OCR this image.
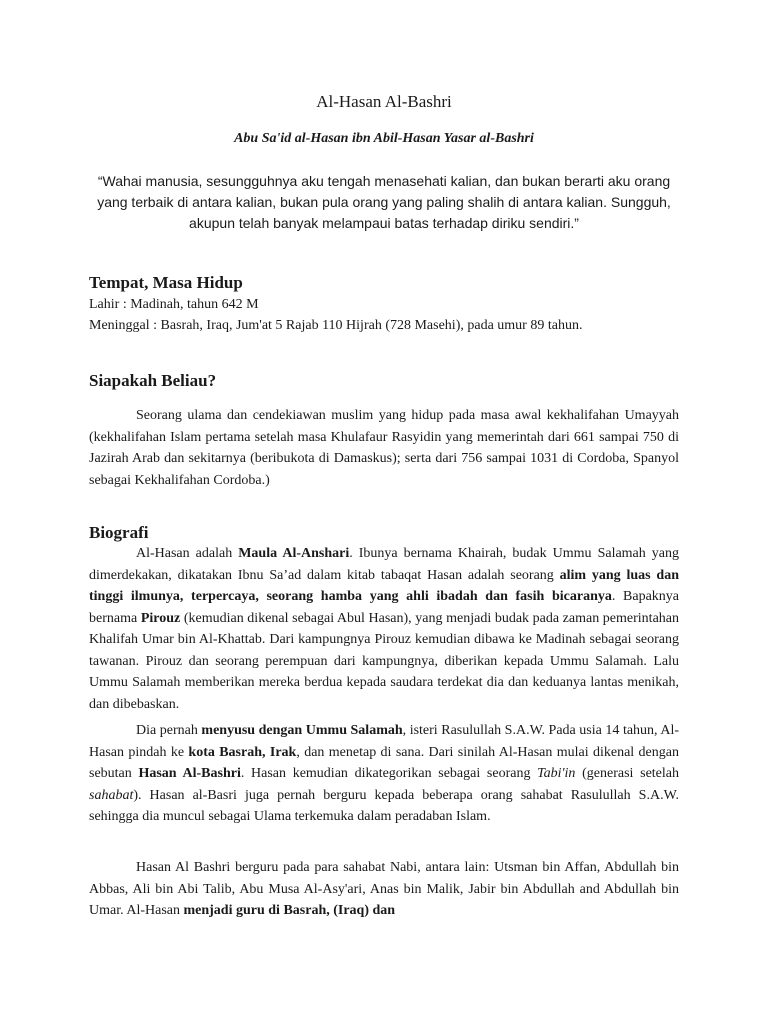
Al-Hasan Al-Bashri
Abu Sa'id al-Hasan ibn Abil-Hasan Yasar al-Bashri
“Wahai manusia, sesungguhnya aku tengah menasehati kalian, dan bukan berarti aku orang yang terbaik di antara kalian, bukan pula orang yang paling shalih di antara kalian. Sungguh, akupun telah banyak melampaui batas terhadap diriku sendiri.”
Tempat, Masa Hidup
Lahir : Madinah, tahun 642 M
Meninggal : Basrah, Iraq, Jum'at 5 Rajab 110 Hijrah (728 Masehi), pada umur 89 tahun.
Siapakah Beliau?
Seorang ulama dan cendekiawan muslim yang hidup pada masa awal kekhalifahan Umayyah (kekhalifahan Islam pertama setelah masa Khulafaur Rasyidin yang memerintah dari 661 sampai 750 di Jazirah Arab dan sekitarnya (beribukota di Damaskus); serta dari 756 sampai 1031 di Cordoba, Spanyol sebagai Kekhalifahan Cordoba.)
Biografi
Al-Hasan adalah Maula Al-Anshari. Ibunya bernama Khairah, budak Ummu Salamah yang dimerdekakan, dikatakan Ibnu Sa’ad dalam kitab tabaqat Hasan adalah seorang alim yang luas dan tinggi ilmunya, terpercaya, seorang hamba yang ahli ibadah dan fasih bicaranya. Bapaknya bernama Pirouz (kemudian dikenal sebagai Abul Hasan), yang menjadi budak pada zaman pemerintahan Khalifah Umar bin Al-Khattab. Dari kampungnya Pirouz kemudian dibawa ke Madinah sebagai seorang tawanan. Pirouz dan seorang perempuan dari kampungnya, diberikan kepada Ummu Salamah. Lalu Ummu Salamah memberikan mereka berdua kepada saudara terdekat dia dan keduanya lantas menikah, dan dibebaskan.
Dia pernah menyusu dengan Ummu Salamah, isteri Rasulullah S.A.W. Pada usia 14 tahun, Al-Hasan pindah ke kota Basrah, Irak, dan menetap di sana. Dari sinilah Al-Hasan mulai dikenal dengan sebutan Hasan Al-Bashri. Hasan kemudian dikategorikan sebagai seorang Tabi'in (generasi setelah sahabat). Hasan al-Basri juga pernah berguru kepada beberapa orang sahabat Rasulullah S.A.W. sehingga dia muncul sebagai Ulama terkemuka dalam peradaban Islam.
Hasan Al Bashri berguru pada para sahabat Nabi, antara lain: Utsman bin Affan, Abdullah bin Abbas, Ali bin Abi Talib, Abu Musa Al-Asy'ari, Anas bin Malik, Jabir bin Abdullah and Abdullah bin Umar. Al-Hasan menjadi guru di Basrah, (Iraq) dan
